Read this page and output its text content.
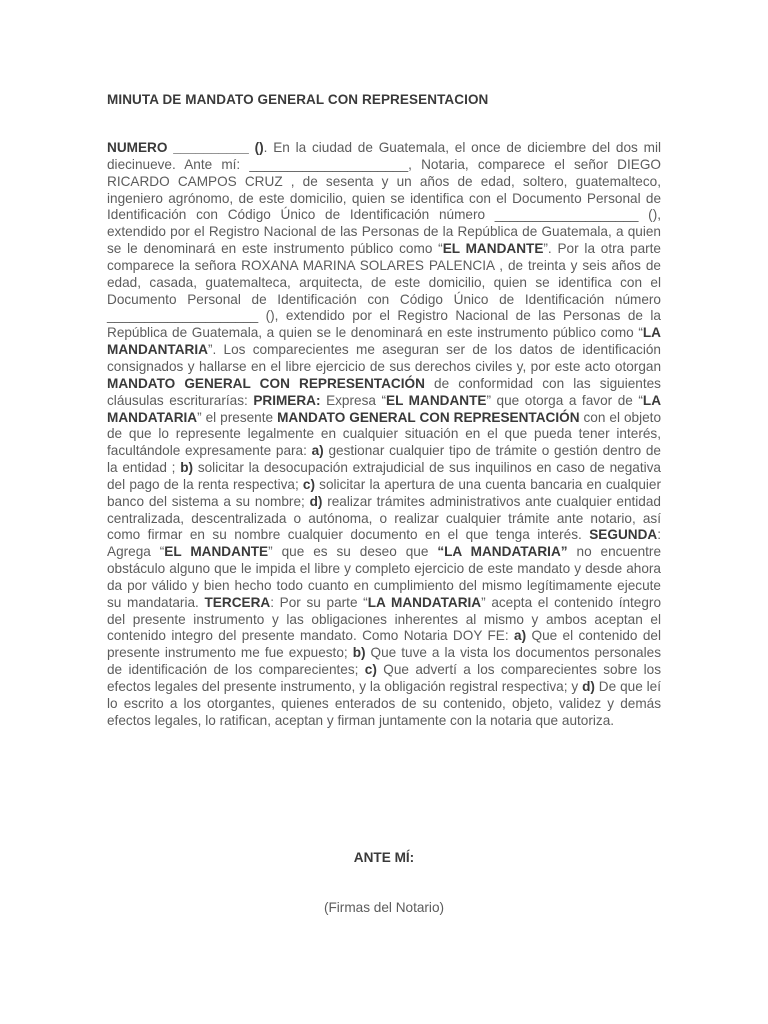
MINUTA DE MANDATO GENERAL CON REPRESENTACION

NUMERO __________ (). En la ciudad de Guatemala, el once de diciembre del dos mil diecinueve. Ante mí: _____________________, Notaria, comparece el señor DIEGO RICARDO CAMPOS CRUZ , de sesenta y un años de edad, soltero, guatemalteco, ingeniero agrónomo, de este domicilio, quien se identifica con el Documento Personal de Identificación con Código Único de Identificación número ___________________ (), extendido por el Registro Nacional de las Personas de la República de Guatemala, a quien se le denominará en este instrumento público como “EL MANDANTE”. Por la otra parte comparece la señora ROXANA MARINA SOLARES PALENCIA , de treinta y seis años de edad, casada, guatemalteca, arquitecta, de este domicilio, quien se identifica con el Documento Personal de Identificación con Código Único de Identificación número ____________________ (), extendido por el Registro Nacional de las Personas de la República de Guatemala, a quien se le denominará en este instrumento público como “LA MANDANTARIA”. Los comparecientes me aseguran ser de los datos de identificación consignados y hallarse en el libre ejercicio de sus derechos civiles y, por este acto otorgan MANDATO GENERAL CON REPRESENTACIÓN de conformidad con las siguientes cláusulas escriturarías: PRIMERA: Expresa “EL MANDANTE” que otorga a favor de “LA MANDATARIA” el presente MANDATO GENERAL CON REPRESENTACIÓN con el objeto de que lo represente legalmente en cualquier situación en el que pueda tener interés, facultándole expresamente para: a) gestionar cualquier tipo de trámite o gestión dentro de la entidad ; b) solicitar la desocupación extrajudicial de sus inquilinos en caso de negativa del pago de la renta respectiva; c) solicitar la apertura de una cuenta bancaria en cualquier banco del sistema a su nombre; d) realizar trámites administrativos ante cualquier entidad centralizada, descentralizada o autónoma, o realizar cualquier trámite ante notario, así como firmar en su nombre cualquier documento en el que tenga interés. SEGUNDA: Agrega “EL MANDANTE” que es su deseo que “LA MANDATARIA” no encuentre obstáculo alguno que le impida el libre y completo ejercicio de este mandato y desde ahora da por válido y bien hecho todo cuanto en cumplimiento del mismo legítimamente ejecute su mandataria. TERCERA: Por su parte “LA MANDATARIA” acepta el contenido íntegro del presente instrumento y las obligaciones inherentes al mismo y ambos aceptan el contenido integro del presente mandato. Como Notaria DOY FE: a) Que el contenido del presente instrumento me fue expuesto; b) Que tuve a la vista los documentos personales de identificación de los comparecientes; c) Que advertí a los comparecientes sobre los efectos legales del presente instrumento, y la obligación registral respectiva; y d) De que leí lo escrito a los otorgantes, quienes enterados de su contenido, objeto, validez y demás efectos legales, lo ratifican, aceptan y firman juntamente con la notaria que autoriza.

ANTE MÍ:
(Firmas del Notario)
